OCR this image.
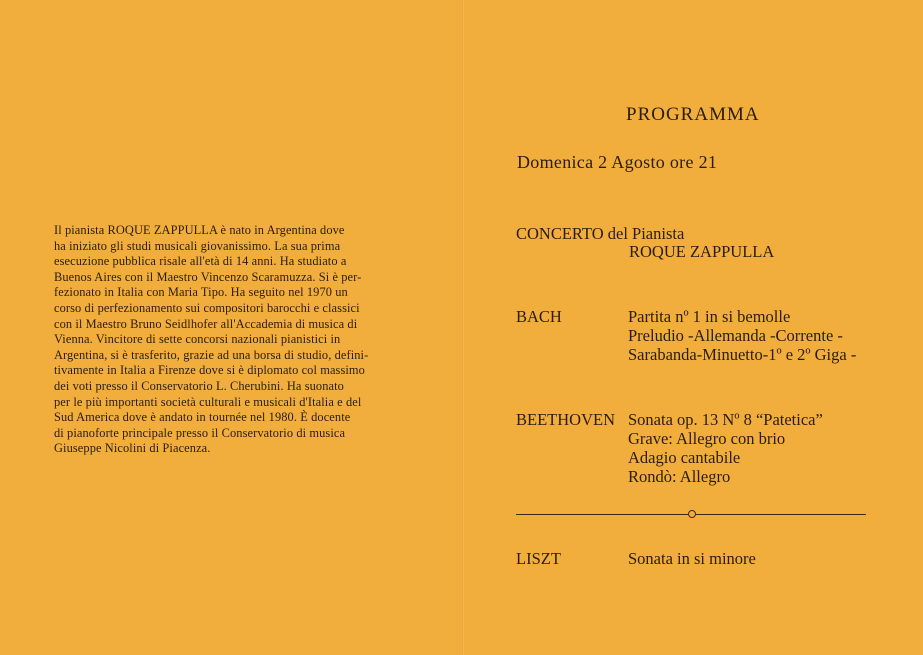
Il pianista ROQUE ZAPPULLA è nato in Argentina dove
ha iniziato gli studi musicali giovanissimo. La sua prima
esecuzione pubblica risale all'età di 14 anni. Ha studiato a
Buenos Aires con il Maestro Vincenzo Scaramuzza. Si è per-
fezionato in Italia con Maria Tipo. Ha seguito nel 1970 un
corso di perfezionamento sui compositori barocchi e classici
con il Maestro Bruno Seidlhofer all'Accademia di musica di
Vienna. Vincitore di sette concorsi nazionali pianistici in
Argentina, si è trasferito, grazie ad una borsa di studio, defini-
tivamente in Italia a Firenze dove si è diplomato col massimo
dei voti presso il Conservatorio L. Cherubini. Ha suonato
per le più importanti società culturali e musicali d'Italia e del
Sud America dove è andato in tournée nel 1980. È docente
di pianoforte principale presso il Conservatorio di musica
Giuseppe Nicolini di Piacenza.
PROGRAMMA
Domenica 2 Agosto ore 21
CONCERTO del Pianista
ROQUE ZAPPULLA
BACH	Partita nº 1 in si bemolle
Preludio -Allemanda -Corrente -
Sarabanda-Minuetto-1º e 2º Giga -
BEETHOVEN Sonata op. 13 Nº 8 “Patetica”
Grave: Allegro con brio
Adagio cantabile
Rondò: Allegro
LISZT	Sonata in si minore
